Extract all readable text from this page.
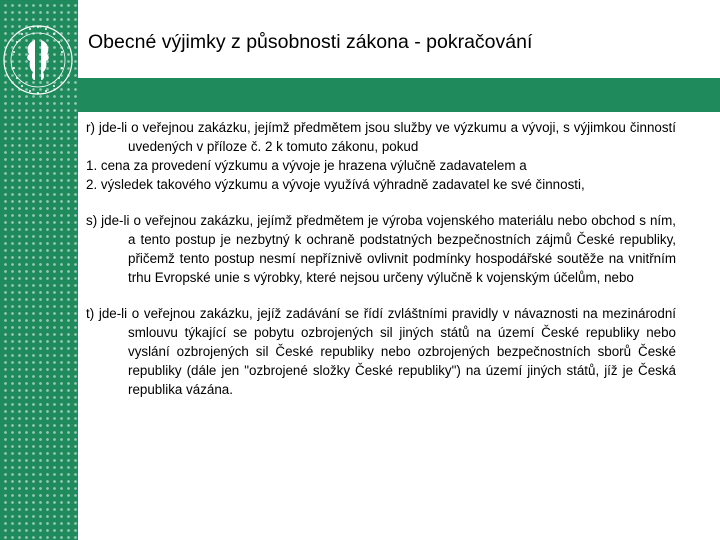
Obecné výjimky z působnosti zákona - pokračování

r) jde-li o veřejnou zakázku, jejímž předmětem jsou služby ve výzkumu a vývoji, s výjimkou činností uvedených v příloze č. 2 k tomuto zákonu, pokud

1. cena za provedení výzkumu a vývoje je hrazena výlučně zadavatelem a

2. výsledek takového výzkumu a vývoje využívá výhradně zadavatel ke své činnosti,

s) jde-li o veřejnou zakázku, jejímž předmětem je výroba vojenského materiálu nebo obchod s ním, a tento postup je nezbytný k ochraně podstatných bezpečnostních zájmů České republiky, přičemž tento postup nesmí nepříznivě ovlivnit podmínky hospodářské soutěže na vnitřním trhu Evropské unie s výrobky, které nejsou určeny výlučně k vojenským účelům, nebo

t) jde-li o veřejnou zakázku, jejíž zadávání se řídí zvláštními pravidly v návaznosti na mezinárodní smlouvu týkající se pobytu ozbrojených sil jiných států na území České republiky nebo vyslání ozbrojených sil České republiky nebo ozbrojených bezpečnostních sborů České republiky (dále jen "ozbrojené složky České republiky") na území jiných států, jíž je Česká republika vázána.
